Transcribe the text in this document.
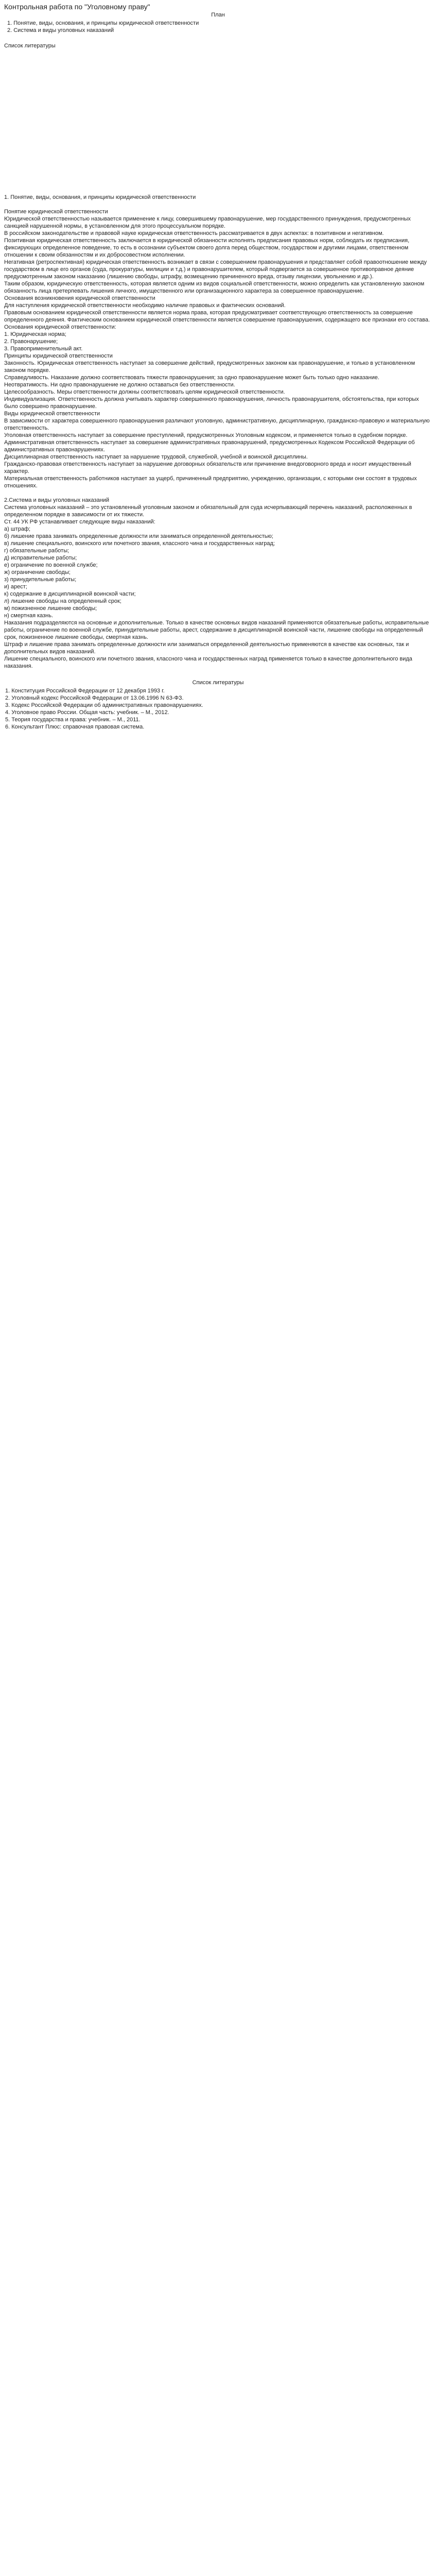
Контрольная работа по "Уголовному праву"
План
1. Понятие, виды, основания, и принципы юридической ответственности
2. Система и виды уголовных наказаний
Список литературы
1. Понятие, виды, основания, и принципы юридической ответственности
Понятие юридической ответственности
Юридической ответственностью называется применение к лицу, совершившему правонарушение, мер государственного принуждения, предусмотренных санкцией нарушенной нормы, в установленном для этого процессуальном порядке.
В российском законодательстве и правовой науке юридическая ответственность рассматривается в двух аспектах: в позитивном и негативном.
Позитивная юридическая ответственность заключается в юридической обязанности исполнять предписания правовых норм, соблюдать их предписания, фиксирующих определенное поведение, то есть в осознании субъектом своего долга перед обществом, государством и другими лицами, ответственном отношении к своим обязанностям и их добросовестном исполнении.
Негативная (ретроспективная) юридическая ответственность возникает в связи с совершением правонарушения и представляет собой правоотношение между государством в лице его органов (суда, прокуратуры, милиции и т.д.) и правонарушителем, который подвергается за совершенное противоправное деяние предусмотренным законом наказанию (лишению свободы, штрафу, возмещению причиненного вреда, отзыву лицензии, увольнению и др.).
Таким образом, юридическую ответственность, которая является одним из видов социальной ответственности, можно определить как установленную законом обязанность лица претерпевать лишения личного, имущественного или организационного характера за совершенное правонарушение.
Основания возникновения юридической ответственности
Для наступления юридической ответственности необходимо наличие правовых и фактических оснований.
Правовым основанием юридической ответственности является норма права, которая предусматривает соответствующую ответственность за совершение определенного деяния. Фактическим основанием юридической ответственности является совершение правонарушения, содержащего все признаки его состава.
Основания юридической ответственности:
1. Юридическая норма;
2. Правонарушение;
3. Правоприменительный акт.
Принципы юридической ответственности
Законность. Юридическая ответственность наступает за совершение действий, предусмотренных законом как правонарушение, и только в установленном законом порядке.
Справедливость. Наказание должно соответствовать тяжести правонарушения; за одно правонарушение может быть только одно наказание.
Неотвратимость. Ни одно правонарушение не должно оставаться без ответственности.
Целесообразность. Меры ответственности должны соответствовать целям юридической ответственности.
Индивидуализация. Ответственность должна учитывать характер совершенного правонарушения, личность правонарушителя, обстоятельства, при которых было совершено правонарушение.
Виды юридической ответственности
В зависимости от характера совершенного правонарушения различают уголовную, административную, дисциплинарную, гражданско-правовую и материальную ответственность.
Уголовная ответственность наступает за совершение преступлений, предусмотренных Уголовным кодексом, и применяется только в судебном порядке.
Административная ответственность наступает за совершение административных правонарушений, предусмотренных Кодексом Российской Федерации об административных правонарушениях.
Дисциплинарная ответственность наступает за нарушение трудовой, служебной, учебной и воинской дисциплины.
Гражданско-правовая ответственность наступает за нарушение договорных обязательств или причинение внедоговорного вреда и носит имущественный характер.
Материальная ответственность работников наступает за ущерб, причиненный предприятию, учреждению, организации, с которыми они состоят в трудовых отношениях.
2.Система и виды уголовных наказаний
Система уголовных наказаний – это установленный уголовным законом и обязательный для суда исчерпывающий перечень наказаний, расположенных в определенном порядке в зависимости от их тяжести.
Ст. 44 УК РФ устанавливает следующие виды наказаний:
а) штраф;
б) лишение права занимать определенные должности или заниматься определенной деятельностью;
в) лишение специального, воинского или почетного звания, классного чина и государственных наград;
г) обязательные работы;
д) исправительные работы;
е) ограничение по военной службе;
ж) ограничение свободы;
з) принудительные работы;
и) арест;
к) содержание в дисциплинарной воинской части;
л) лишение свободы на определенный срок;
м) пожизненное лишение свободы;
н) смертная казнь.
Наказания подразделяются на основные и дополнительные. Только в качестве основных видов наказаний применяются обязательные работы, исправительные работы, ограничение по военной службе, принудительные работы, арест, содержание в дисциплинарной воинской части, лишение свободы на определенный срок, пожизненное лишение свободы, смертная казнь.
Штраф и лишение права занимать определенные должности или заниматься определенной деятельностью применяются в качестве как основных, так и дополнительных видов наказаний.
Лишение специального, воинского или почетного звания, классного чина и государственных наград применяется только в качестве дополнительного вида наказания.
Список литературы
1. Конституция Российской Федерации от 12 декабря 1993 г.
2. Уголовный кодекс Российской Федерации от 13.06.1996 N 63-ФЗ.
3. Кодекс Российской Федерации об административных правонарушениях.
4. Уголовное право России. Общая часть: учебник. – М., 2012.
5. Теория государства и права: учебник. – М., 2011.
6. Консультант Плюс: справочная правовая система.
